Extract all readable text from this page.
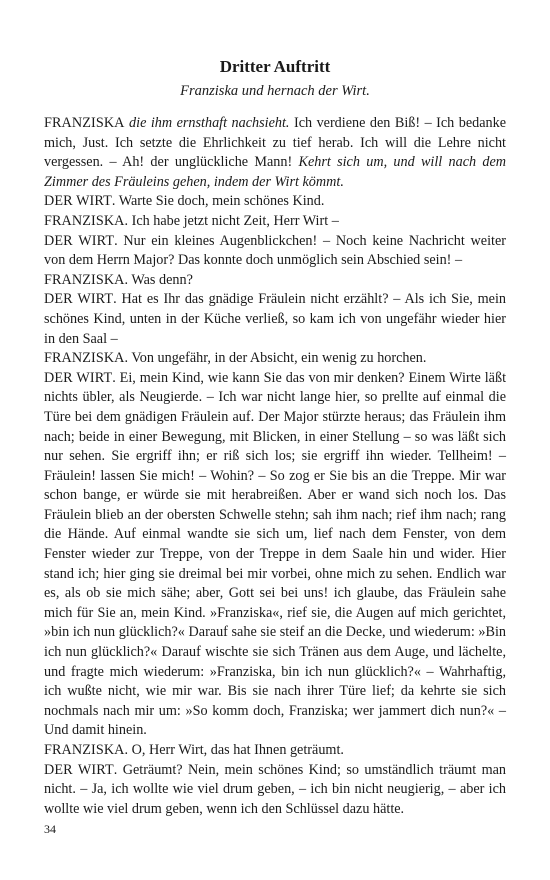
Dritter Auftritt

Franziska und hernach der Wirt.

FRANZISKA die ihm ernsthaft nachsieht. Ich verdiene den Biß! – Ich bedanke mich, Just. Ich setzte die Ehrlichkeit zu tief herab. Ich will die Lehre nicht vergessen. – Ah! der unglückliche Mann! Kehrt sich um, und will nach dem Zimmer des Fräuleins gehen, indem der Wirt kömmt.

DER WIRT. Warte Sie doch, mein schönes Kind.

FRANZISKA. Ich habe jetzt nicht Zeit, Herr Wirt –

DER WIRT. Nur ein kleines Augenblickchen! – Noch keine Nachricht weiter von dem Herrn Major? Das konnte doch unmöglich sein Abschied sein! –

FRANZISKA. Was denn?

DER WIRT. Hat es Ihr das gnädige Fräulein nicht erzählt? – Als ich Sie, mein schönes Kind, unten in der Küche verließ, so kam ich von ungefähr wieder hier in den Saal –

FRANZISKA. Von ungefähr, in der Absicht, ein wenig zu horchen.

DER WIRT. Ei, mein Kind, wie kann Sie das von mir denken? Einem Wirte läßt nichts übler, als Neugierde. – Ich war nicht lange hier, so prellte auf einmal die Türe bei dem gnädigen Fräulein auf. Der Major stürzte heraus; das Fräulein ihm nach; beide in einer Bewegung, mit Blicken, in einer Stellung – so was läßt sich nur sehen. Sie ergriff ihn; er riß sich los; sie ergriff ihn wieder. Tellheim! – Fräulein! lassen Sie mich! – Wohin? – So zog er Sie bis an die Treppe. Mir war schon bange, er würde sie mit herabreißen. Aber er wand sich noch los. Das Fräulein blieb an der obersten Schwelle stehn; sah ihm nach; rief ihm nach; rang die Hände. Auf einmal wandte sie sich um, lief nach dem Fenster, von dem Fenster wieder zur Treppe, von der Treppe in dem Saale hin und wider. Hier stand ich; hier ging sie dreimal bei mir vorbei, ohne mich zu sehen. Endlich war es, als ob sie mich sähe; aber, Gott sei bei uns! ich glaube, das Fräulein sahe mich für Sie an, mein Kind. »Franziska«, rief sie, die Augen auf mich gerichtet, »bin ich nun glücklich?« Darauf sahe sie steif an die Decke, und wiederum: »Bin ich nun glücklich?« Darauf wischte sie sich Tränen aus dem Auge, und lächelte, und fragte mich wiederum: »Franziska, bin ich nun glücklich?« – Wahrhaftig, ich wußte nicht, wie mir war. Bis sie nach ihrer Türe lief; da kehrte sie sich nochmals nach mir um: »So komm doch, Franziska; wer jammert dich nun?« – Und damit hinein.

FRANZISKA. O, Herr Wirt, das hat Ihnen geträumt.

DER WIRT. Geträumt? Nein, mein schönes Kind; so umständlich träumt man nicht. – Ja, ich wollte wie viel drum geben, – ich bin nicht neugierig, – aber ich wollte wie viel drum geben, wenn ich den Schlüssel dazu hätte.

34
